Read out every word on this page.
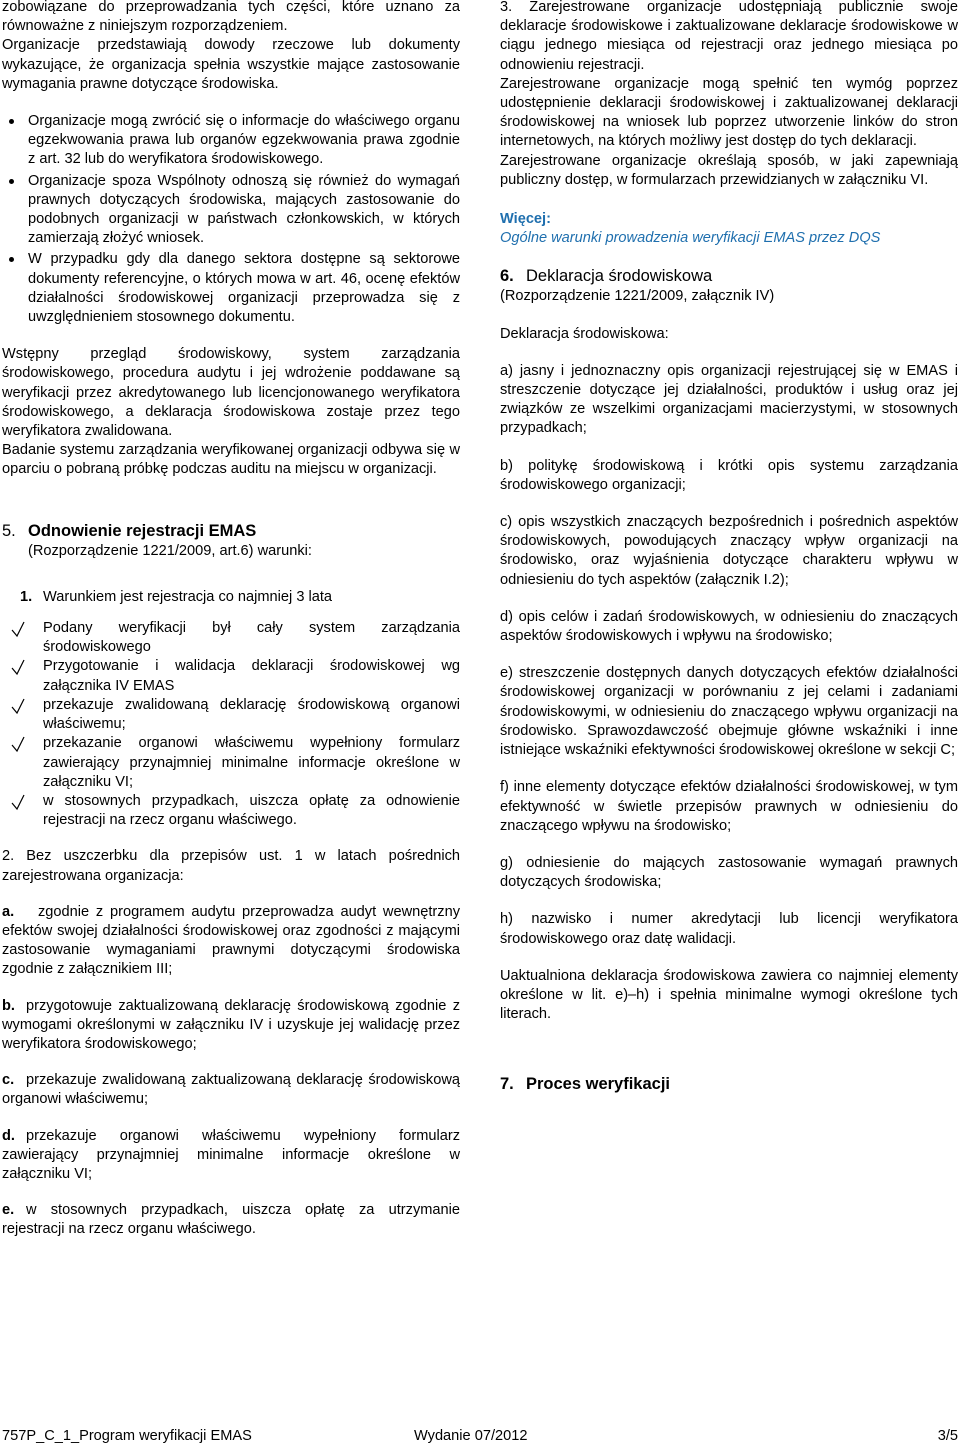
zobowiązane do przeprowadzania tych części, które uznano za równoważne z niniejszym rozporządzeniem.

Organizacje przedstawiają dowody rzeczowe lub dokumenty wykazujące, że organizacja spełnia wszystkie mające zastosowanie wymagania prawne dotyczące środowiska.

Organizacje mogą zwrócić się o informacje do właściwego organu egzekwowania prawa lub organów egzekwowania prawa zgodnie z art. 32 lub do weryfikatora środowiskowego.
Organizacje spoza Wspólnoty odnoszą się również do wymagań prawnych dotyczących środowiska, mających zastosowanie do podobnych organizacji w państwach członkowskich, w których zamierzają złożyć wniosek.
W przypadku gdy dla danego sektora dostępne są sektorowe dokumenty referencyjne, o których mowa w art. 46, ocenę efektów działalności środowiskowej organizacji przeprowadza się z uwzględnieniem stosownego dokumentu.

Wstępny przegląd środowiskowy, system zarządzania środowiskowego, procedura audytu i jej wdrożenie poddawane są weryfikacji przez akredytowanego lub licencjonowanego weryfikatora środowiskowego, a deklaracja środowiskowa zostaje przez tego weryfikatora zwalidowana.

Badanie systemu zarządzania weryfikowanej organizacji odbywa się w oparciu o pobraną próbkę podczas auditu na miejscu w organizacji.

5. Odnowienie rejestracji EMAS

(Rozporządzenie 1221/2009, art.6) warunki:

1. Warunkiem jest rejestracja co najmniej 3 lata

Podany weryfikacji był cały system zarządzania środowiskowego
Przygotowanie i walidacja deklaracji środowiskowej wg załącznika IV EMAS
przekazuje zwalidowaną deklarację środowiskową organowi właściwemu;
przekazanie organowi właściwemu wypełniony formularz zawierający przynajmniej minimalne informacje określone w załączniku VI;
w stosownych przypadkach, uiszcza opłatę za odnowienie rejestracji na rzecz organu właściwego.

2. Bez uszczerbku dla przepisów ust. 1 w latach pośrednich zarejestrowana organizacja:

a. zgodnie z programem audytu przeprowadza audyt wewnętrzny efektów swojej działalności środowiskowej oraz zgodności z mającymi zastosowanie wymaganiami prawnymi dotyczącymi środowiska zgodnie z załącznikiem III;

b. przygotowuje zaktualizowaną deklarację środowiskową zgodnie z wymogami określonymi w załączniku IV i uzyskuje jej walidację przez weryfikatora środowiskowego;

c. przekazuje zwalidowaną zaktualizowaną deklarację środowiskową organowi właściwemu;

d. przekazuje organowi właściwemu wypełniony formularz zawierający przynajmniej minimalne informacje określone w załączniku VI;

e. w stosownych przypadkach, uiszcza opłatę za utrzymanie rejestracji na rzecz organu właściwego.

3. Zarejestrowane organizacje udostępniają publicznie swoje deklaracje środowiskowe i zaktualizowane deklaracje środowiskowe w ciągu jednego miesiąca od rejestracji oraz jednego miesiąca po odnowieniu rejestracji.

Zarejestrowane organizacje mogą spełnić ten wymóg poprzez udostępnienie deklaracji środowiskowej i zaktualizowanej deklaracji środowiskowej na wniosek lub poprzez utworzenie linków do stron internetowych, na których możliwy jest dostęp do tych deklaracji.

Zarejestrowane organizacje określają sposób, w jaki zapewniają publiczny dostęp, w formularzach przewidzianych w załączniku VI.

Więcej:
Ogólne warunki prowadzenia weryfikacji EMAS przez DQS

6. Deklaracja środowiskowa

(Rozporządzenie 1221/2009, załącznik IV)

Deklaracja środowiskowa:

a) jasny i jednoznaczny opis organizacji rejestrującej się w EMAS i streszczenie dotyczące jej działalności, produktów i usług oraz jej związków ze wszelkimi organizacjami macierzystymi, w stosownych przypadkach;

b) politykę środowiskową i krótki opis systemu zarządzania środowiskowego organizacji;

c) opis wszystkich znaczących bezpośrednich i pośrednich aspektów środowiskowych, powodujących znaczący wpływ organizacji na środowisko, oraz wyjaśnienia dotyczące charakteru wpływu w odniesieniu do tych aspektów (załącznik I.2);

d) opis celów i zadań środowiskowych, w odniesieniu do znaczących aspektów środowiskowych i wpływu na środowisko;

e) streszczenie dostępnych danych dotyczących efektów działalności środowiskowej organizacji w porównaniu z jej celami i zadaniami środowiskowymi, w odniesieniu do znaczącego wpływu organizacji na środowisko. Sprawozdawczość obejmuje główne wskaźniki i inne istniejące wskaźniki efektywności środowiskowej określone w sekcji C;

f) inne elementy dotyczące efektów działalności środowiskowej, w tym efektywność w świetle przepisów prawnych w odniesieniu do znaczącego wpływu na środowisko;

g) odniesienie do mających zastosowanie wymagań prawnych dotyczących środowiska;

h) nazwisko i numer akredytacji lub licencji weryfikatora środowiskowego oraz datę walidacji.

Uaktualniona deklaracja środowiskowa zawiera co najmniej elementy określone w lit. e)–h) i spełnia minimalne wymogi określone tych literach.

7. Proces weryfikacji
757P_C_1_Program weryfikacji EMAS	Wydanie 07/2012	3/5
